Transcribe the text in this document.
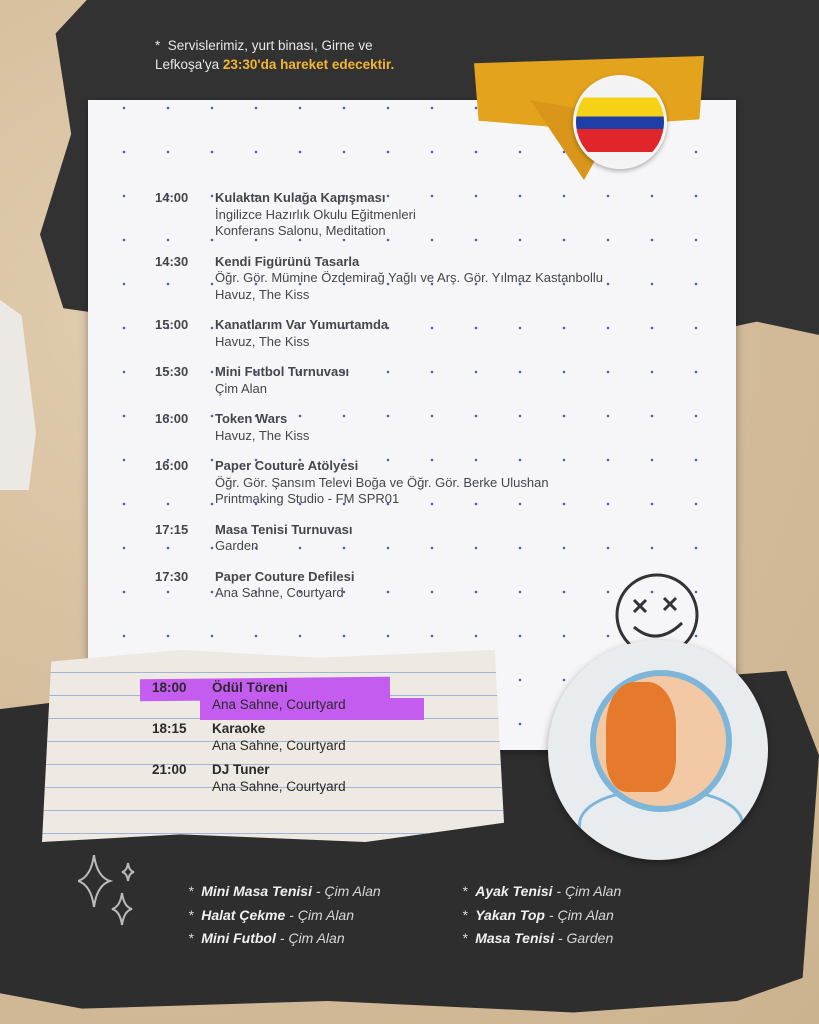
*  Servislerimiz, yurt binası, Girne ve
Lefkoşa'ya 23:30'da hareket edecektir.
14:00	Kulaktan Kulağa Kapışması
İngilizce Hazırlık Okulu Eğitmenleri
Konferans Salonu, Meditation
14:30	Kendi Figürünü Tasarla
Öğr. Gör. Mümine Özdemirağ Yağlı ve Arş. Gör. Yılmaz Kastanbollu
Havuz, The Kiss
15:00	Kanatlarım Var Yumurtamda
Havuz, The Kiss
15:30	Mini Futbol Turnuvası
Çim Alan
16:00	Token Wars
Havuz, The Kiss
16:00	Paper Couture Atölyesi
Öğr. Gör. Şansım Televi Boğa ve Öğr. Gör. Berke Ulushan
Printmaking Studio - FM SPR01
17:15	Masa Tenisi Turnuvası
Garden
17:30	Paper Couture Defilesi
Ana Sahne, Courtyard
18:00	Ödül Töreni
Ana Sahne, Courtyard
18:15	Karaoke
Ana Sahne, Courtyard
21:00	DJ Tuner
Ana Sahne, Courtyard
*  Mini Masa Tenisi - Çim Alan
*  Halat Çekme - Çim Alan
*  Mini Futbol - Çim Alan
*  Ayak Tenisi - Çim Alan
*  Yakan Top - Çim Alan
*  Masa Tenisi - Garden
